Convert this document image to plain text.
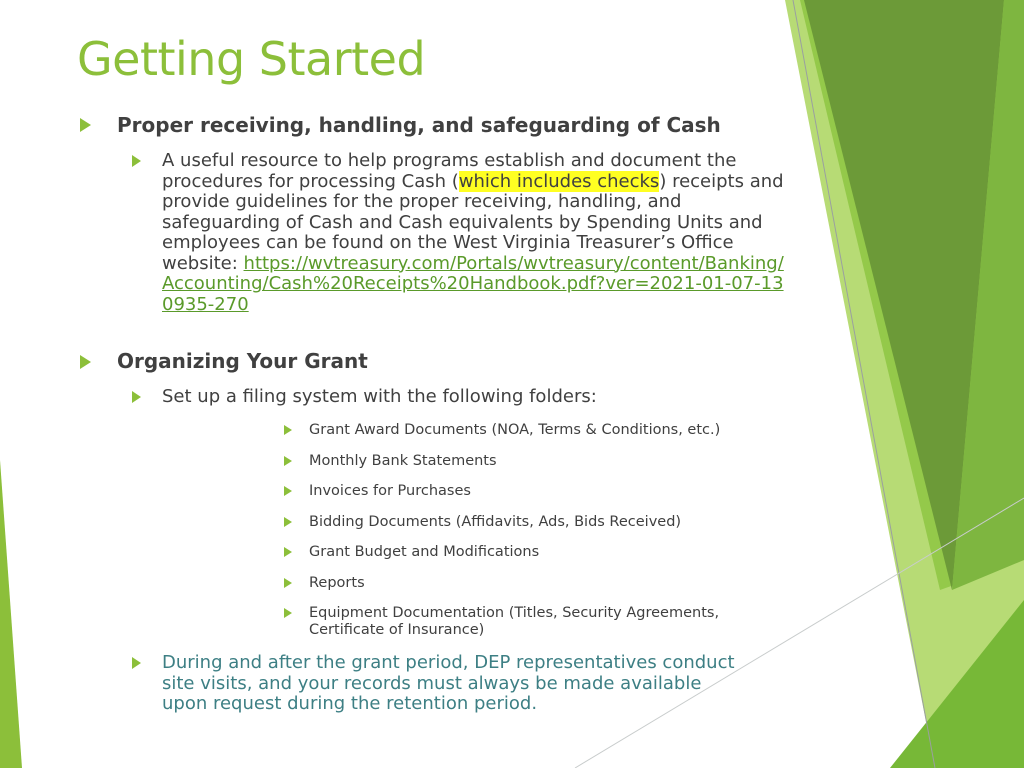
Getting Started
Proper receiving, handling, and safeguarding of Cash
A useful resource to help programs establish and document the procedures for processing Cash (which includes checks) receipts and provide guidelines for the proper receiving, handling, and safeguarding of Cash and Cash equivalents by Spending Units and employees can be found on the West Virginia Treasurer’s Office website: https://wvtreasury.com/Portals/wvtreasury/content/Banking/Accounting/Cash%20Receipts%20Handbook.pdf?ver=2021-01-07-130935-270
Organizing Your Grant
Set up a filing system with the following folders:
Grant Award Documents (NOA, Terms & Conditions, etc.)
Monthly Bank Statements
Invoices for Purchases
Bidding Documents (Affidavits, Ads, Bids Received)
Grant Budget and Modifications
Reports
Equipment Documentation (Titles, Security Agreements, Certificate of Insurance)
During and after the grant period, DEP representatives conduct site visits, and your records must always be made available upon request during the retention period.
